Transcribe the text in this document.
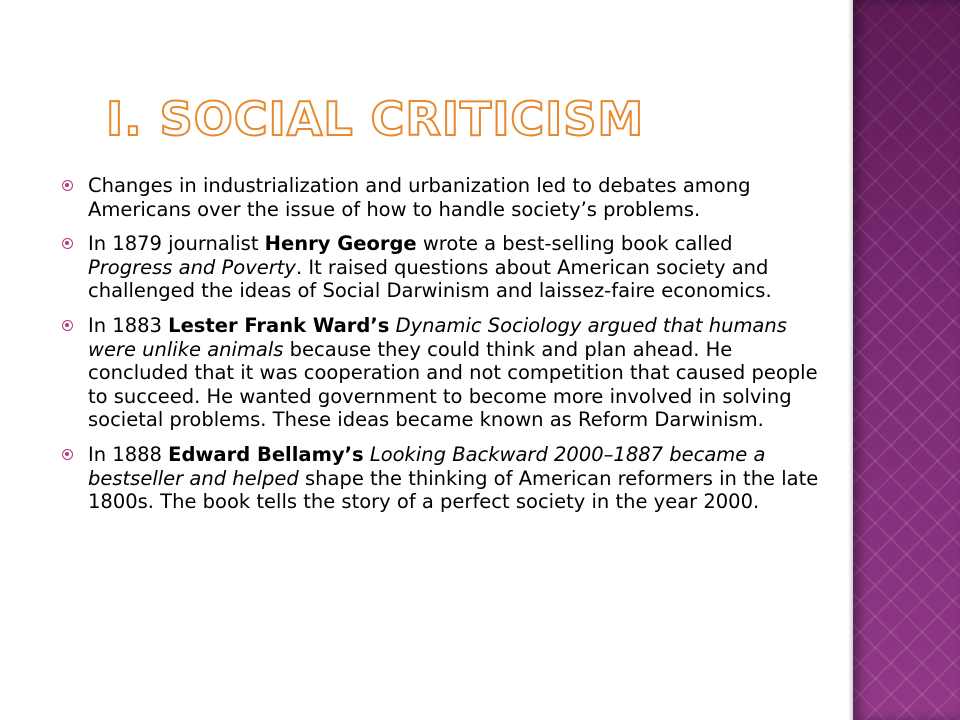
I. SOCIAL CRITICISM
Changes in industrialization and urbanization led to debates among Americans over the issue of how to handle society’s problems.
In 1879 journalist Henry George wrote a best-selling book called Progress and Poverty. It raised questions about American society and challenged the ideas of Social Darwinism and laissez-faire economics.
In 1883 Lester Frank Ward’s Dynamic Sociology argued that humans were unlike animals because they could think and plan ahead. He concluded that it was cooperation and not competition that caused people to succeed. He wanted government to become more involved in solving societal problems. These ideas became known as Reform Darwinism.
In 1888 Edward Bellamy’s Looking Backward 2000–1887 became a bestseller and helped shape the thinking of American reformers in the late 1800s. The book tells the story of a perfect society in the year 2000.
